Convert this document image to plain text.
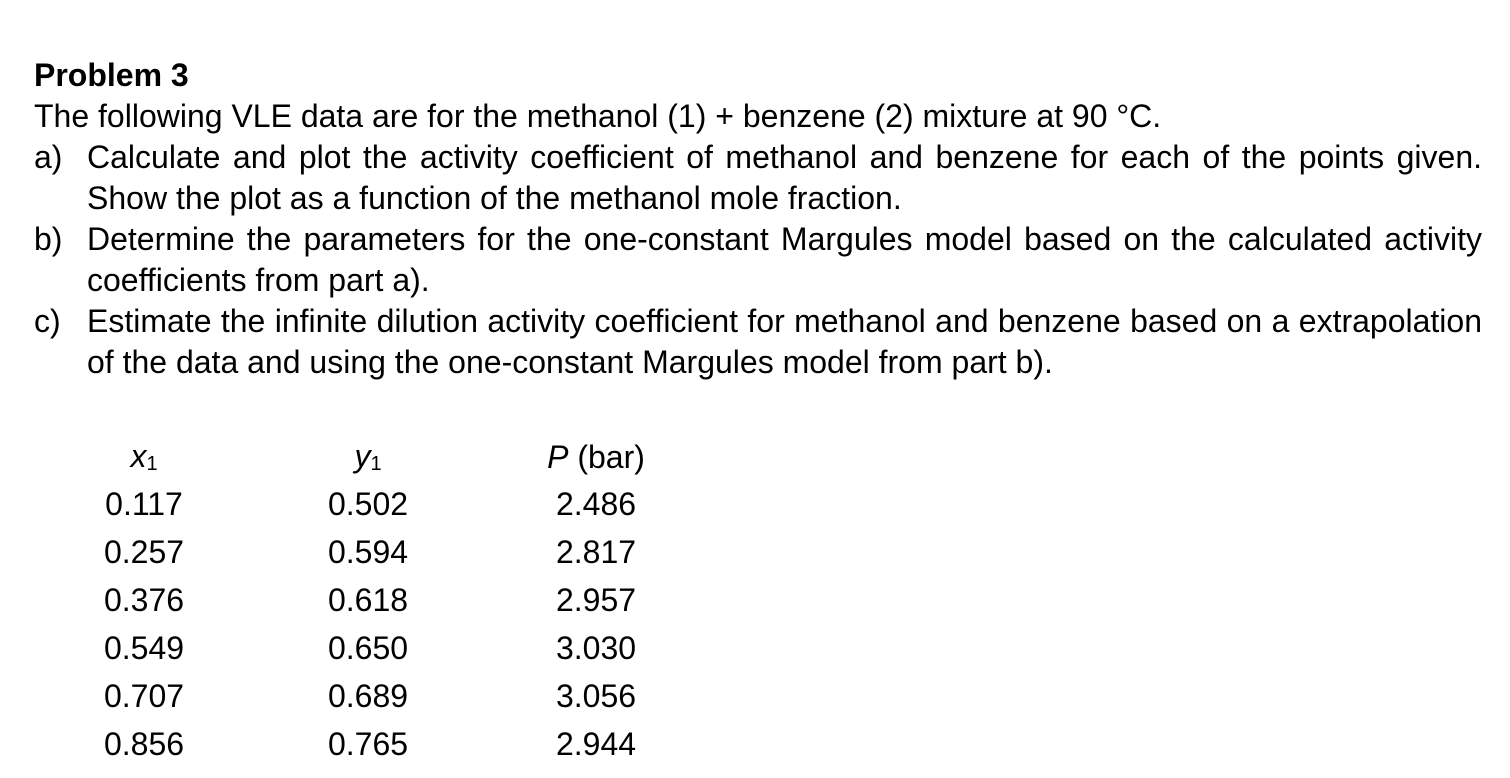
Problem 3

The following VLE data are for the methanol (1) + benzene (2) mixture at 90 °C.

a) Calculate and plot the activity coefficient of methanol and benzene for each of the points given. Show the plot as a function of the methanol mole fraction.
b) Determine the parameters for the one-constant Margules model based on the calculated activity coefficients from part a).
c) Estimate the infinite dilution activity coefficient for methanol and benzene based on a extrapolation of the data and using the one-constant Margules model from part b).
x1	y1	P (bar)
0.117	0.502	2.486
0.257	0.594	2.817
0.376	0.618	2.957
0.549	0.650	3.030
0.707	0.689	3.056
0.856	0.765	2.944
